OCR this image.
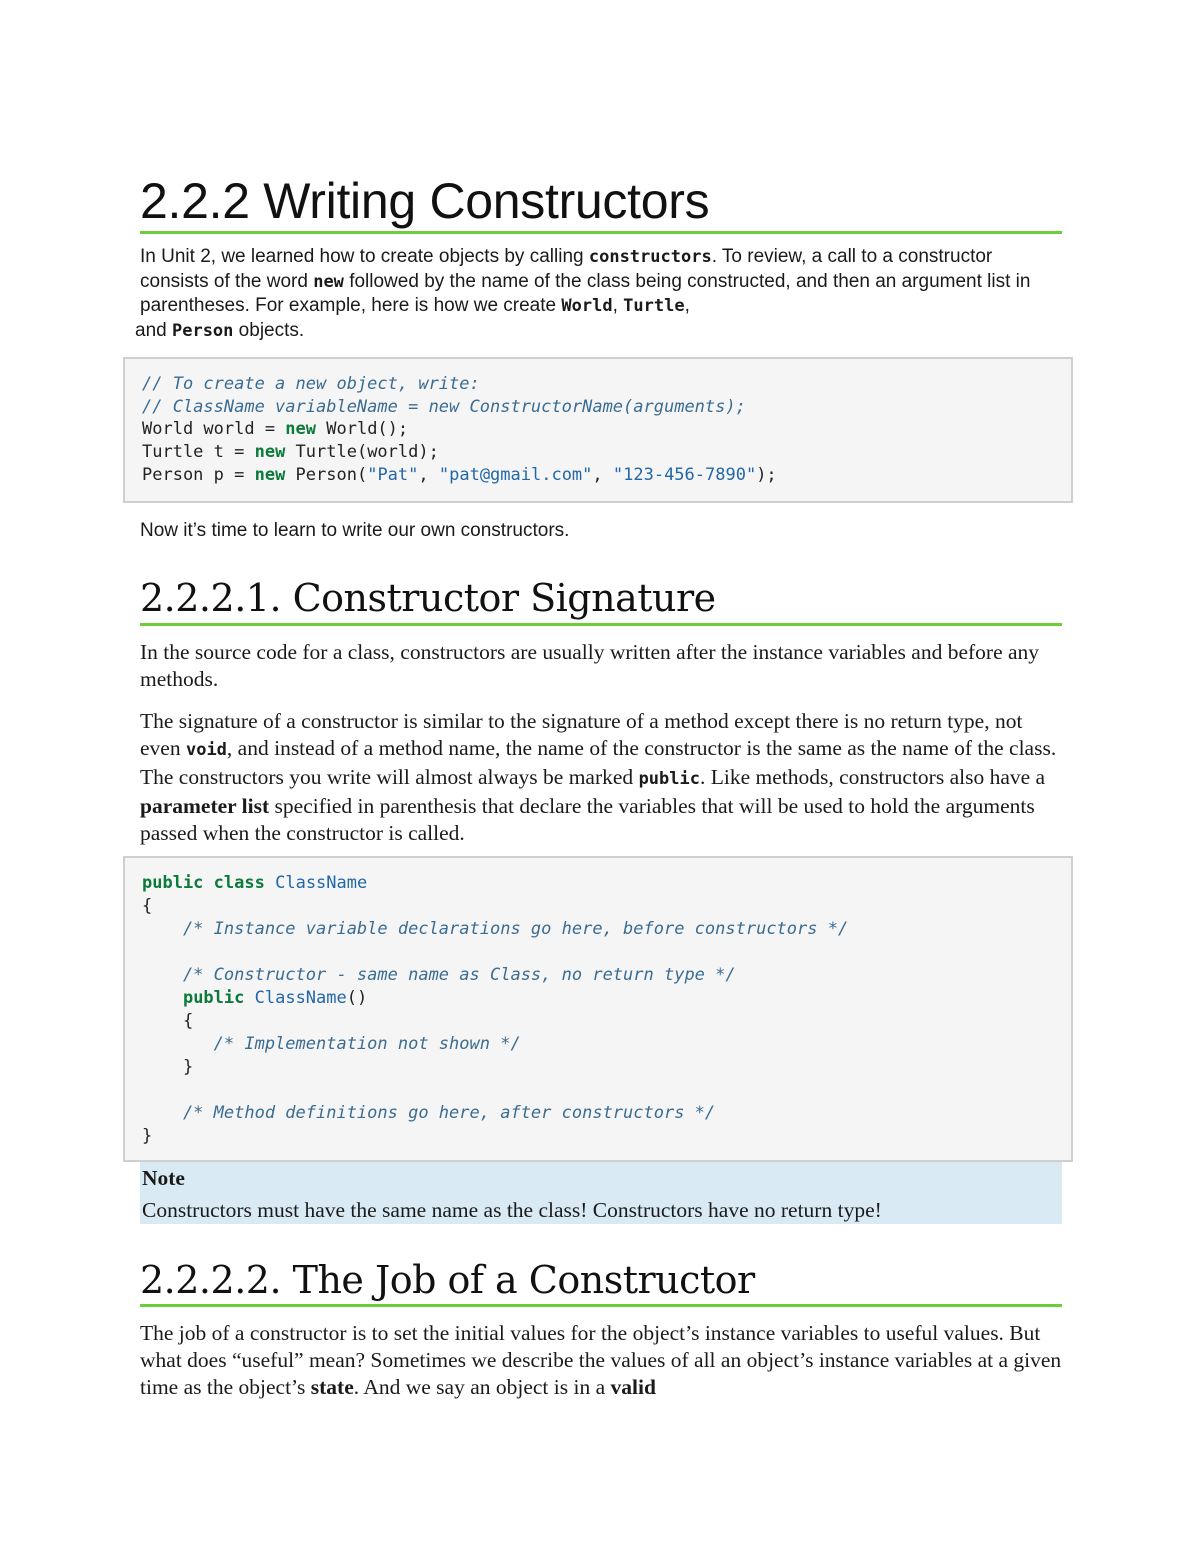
2.2.2 Writing Constructors
In Unit 2, we learned how to create objects by calling constructors. To review, a call to a constructor consists of the word new followed by the name of the class being constructed, and then an argument list in parentheses. For example, here is how we create World, Turtle,
and Person objects.
// To create a new object, write:
// ClassName variableName = new ConstructorName(arguments);
World world = new World();
Turtle t = new Turtle(world);
Person p = new Person("Pat", "pat@gmail.com", "123-456-7890");
Now it’s time to learn to write our own constructors.
2.2.2.1. Constructor Signature
In the source code for a class, constructors are usually written after the instance variables and before any methods.
The signature of a constructor is similar to the signature of a method except there is no return type, not even void, and instead of a method name, the name of the constructor is the same as the name of the class. The constructors you write will almost always be marked public. Like methods, constructors also have a parameter list specified in parenthesis that declare the variables that will be used to hold the arguments passed when the constructor is called.
public class ClassName
{
/* Instance variable declarations go here, before constructors */
/* Constructor - same name as Class, no return type */
public ClassName()
{
/* Implementation not shown */
}
/* Method definitions go here, after constructors */
}
Note
Constructors must have the same name as the class! Constructors have no return type!
2.2.2.2. The Job of a Constructor
The job of a constructor is to set the initial values for the object’s instance variables to useful values. But what does “useful” mean? Sometimes we describe the values of all an object’s instance variables at a given time as the object’s state. And we say an object is in a valid
